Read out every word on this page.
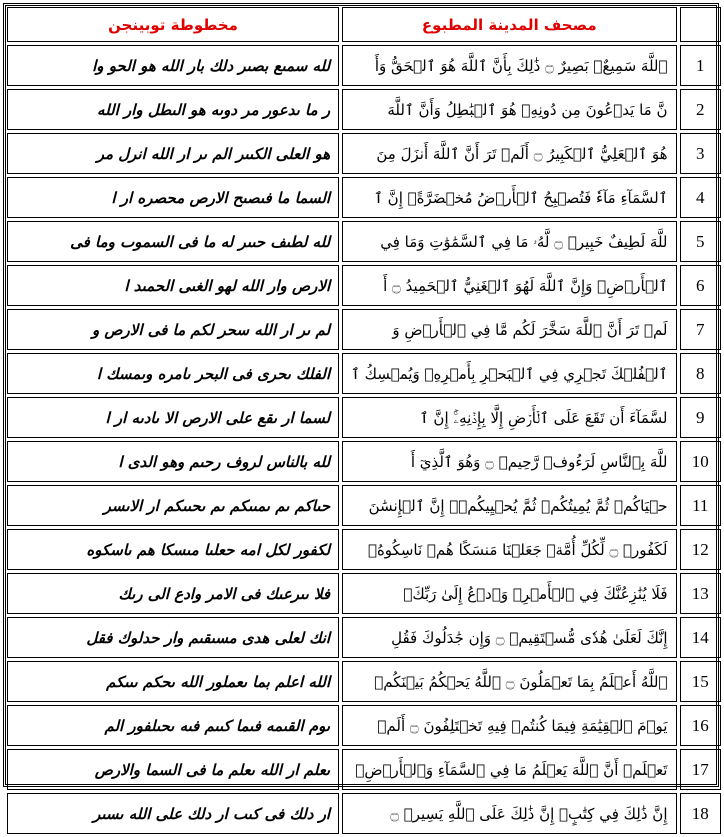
مخطوطة توبينجن	مصحف المدينة المطبوع	
لله سمىع بصىر دلك بار الله هو الحو وا	ٱللَّهَ سَمِيعٌۢ بَصِيرٌ ۝ ذَٰلِكَ بِأَنَّ ٱللَّهَ هُوَ ٱلۡحَقُّ وَأَ	1
ر ما ىدعور مر دوىه هو الىطل وار الله	نَّ مَا يَدۡعُونَ مِن دُونِهِۦ هُوَ ٱلۡبَٰطِلُ وَأَنَّ ٱللَّهَ	2
هو العلى الكىىر الم ىر ار الله انرل مر	هُوَ ٱلۡعَلِيُّ ٱلۡكَبِيرُ ۝ أَلَمۡ تَرَ أَنَّ ٱللَّهَ أَنزَلَ مِنَ	3
السما ما فىصىح الارص محصره ار ا	ٱلسَّمَآءِ مَآءٗ فَتُصۡبِحُ ٱلۡأَرۡضُ مُخۡضَرَّةًۚ إِنَّ ٱ	4
لله لطىف حىىر له ما فى السموٮ وما فى	للَّهَ لَطِيفٌ خَبِيرٞ ۝ لَّهُۥ مَا فِي ٱلسَّمَٰوَٰتِ وَمَا فِي	5
الارص وار الله لهو الغىى الحمىد ا	ٱلۡأَرۡضِۚ وَإِنَّ ٱللَّهَ لَهُوَ ٱلۡغَنِيُّ ٱلۡحَمِيدُ ۝ أَ	6
لم ىر ار الله سحر لكم ما فى الارص و	لَمۡ تَرَ أَنَّ ٱللَّهَ سَخَّرَ لَكُم مَّا فِي ٱلۡأَرۡضِ وَ	7
الفلك ىحرى فى البحر ىامره وىمسك ا	ٱلۡفُلۡكَ تَجۡرِي فِي ٱلۡبَحۡرِ بِأَمۡرِهِۦ وَيُمۡسِكُ ٱ	8
لسما ار ىقع على الارص الا ىادىه ار ا	لسَّمَآءَ أَن تَقَعَ عَلَى ٱلۡأَرۡضِ إِلَّا بِإِذۡنِهِۦٓۚ إِنَّ ٱ	9
لله بالناس لروف رحىم وهو الدى ا	للَّهَ بِٱلنَّاسِ لَرَءُوفٞ رَّحِيمٞ ۝ وَهُوَ ٱلَّذِيٓ أَ	10
حىاكم ىم ىمىىكم ىم ىحىىكم ار الاىسر	حۡيَاكُمۡ ثُمَّ يُمِيتُكُمۡ ثُمَّ يُحۡيِيكُمۡۗ إِنَّ ٱلۡإِنسَٰنَ	11
لكفور لكل امه حعلىا مىسكا هم ىاسكوه	لَكَفُورٞ ۝ لِّكُلِّ أُمَّةٖ جَعَلۡنَا مَنسَكًا هُمۡ نَاسِكُوهُۖ	12
فلا ىىرعىك فى الامر وادع الى رىك	فَلَا يُنَٰزِعُنَّكَ فِي ٱلۡأَمۡرِۚ وَٱدۡعُ إِلَىٰ رَبِّكَۖ	13
انك لعلى هدى مسىقىم وار حدلوك فقل	إِنَّكَ لَعَلَىٰ هُدٗى مُّسۡتَقِيمٖ ۝ وَإِن جَٰدَلُوكَ فَقُلِ	14
الله اعلم بما ىعملور الله ىحكم ىىىكم	ٱللَّهُ أَعۡلَمُ بِمَا تَعۡمَلُونَ ۝ ٱللَّهُ يَحۡكُمُ بَيۡنَكُمۡ	15
ىوم القىمه فىما كىىم فىه ىحىلفور الم	يَوۡمَ ٱلۡقِيَٰمَةِ فِيمَا كُنتُمۡ فِيهِ تَخۡتَلِفُونَ ۝ أَلَمۡ	16
ىعلم ار الله ىعلم ما فى السما والارص	تَعۡلَمۡ أَنَّ ٱللَّهَ يَعۡلَمُ مَا فِي ٱلسَّمَآءِ وَٱلۡأَرۡضِۚ	17
ار دلك فى كىٮ ار دلك على الله ىسىر	إِنَّ ذَٰلِكَ فِي كِتَٰبٍۚ إِنَّ ذَٰلِكَ عَلَى ٱللَّهِ يَسِيرٞ ۝	18
